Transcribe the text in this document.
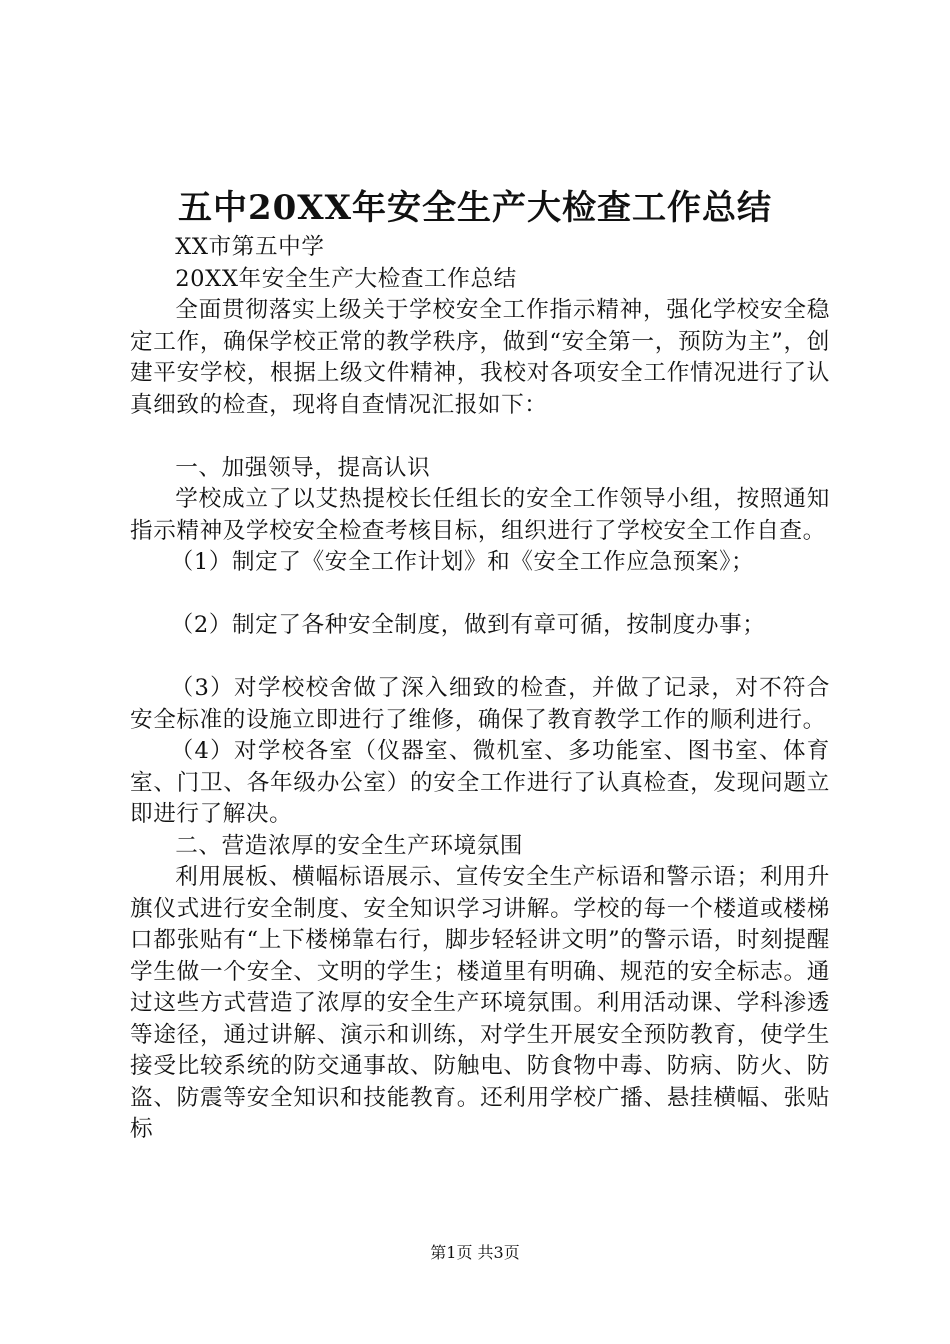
五中20XX年安全生产大检查工作总结

XX市第五中学

20XX年安全生产大检查工作总结

全面贯彻落实上级关于学校安全工作指示精神，强化学校安全稳定工作，确保学校正常的教学秩序，做到“安全第一，预防为主”，创建平安学校，根据上级文件精神，我校对各项安全工作情况进行了认真细致的检查，现将自查情况汇报如下：

一、加强领导，提高认识

学校成立了以艾热提校长任组长的安全工作领导小组，按照通知指示精神及学校安全检查考核目标，组织进行了学校安全工作自查。

（1）制定了《安全工作计划》和《安全工作应急预案》；

（2）制定了各种安全制度，做到有章可循，按制度办事；

（3）对学校校舍做了深入细致的检查，并做了记录，对不符合安全标准的设施立即进行了维修，确保了教育教学工作的顺利进行。

（4）对学校各室（仪器室、微机室、多功能室、图书室、体育室、门卫、各年级办公室）的安全工作进行了认真检查，发现问题立即进行了解决。

二、营造浓厚的安全生产环境氛围

利用展板、横幅标语展示、宣传安全生产标语和警示语；利用升旗仪式进行安全制度、安全知识学习讲解。学校的每一个楼道或楼梯口都张贴有“上下楼梯靠右行，脚步轻轻讲文明”的警示语，时刻提醒学生做一个安全、文明的学生；楼道里有明确、规范的安全标志。通过这些方式营造了浓厚的安全生产环境氛围。利用活动课、学科渗透等途径，通过讲解、演示和训练，对学生开展安全预防教育，使学生接受比较系统的防交通事故、防触电、防食物中毒、防病、防火、防盗、防震等安全知识和技能教育。还利用学校广播、悬挂横幅、张贴标

第1页 共3页
